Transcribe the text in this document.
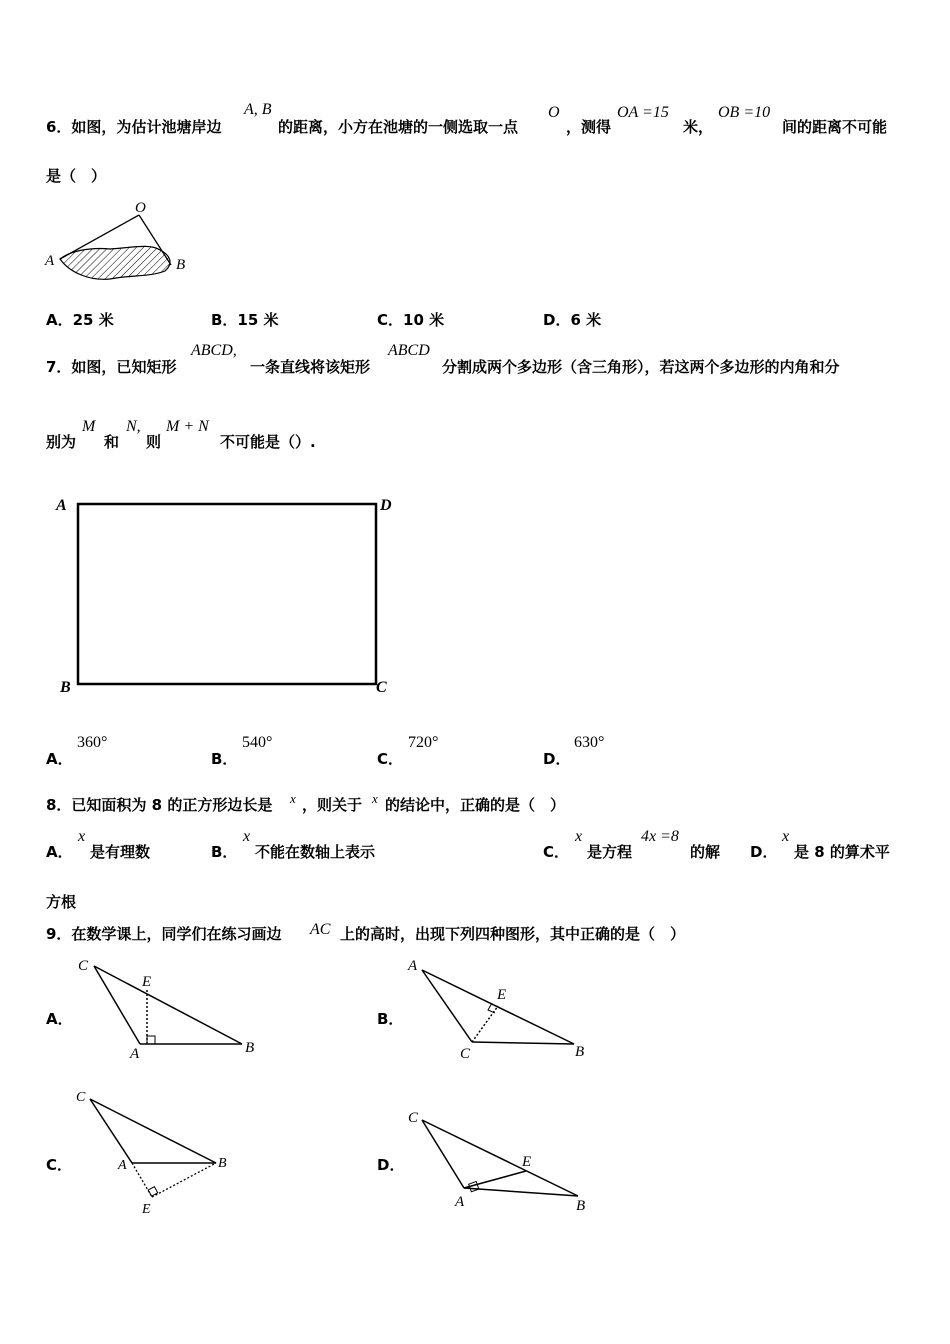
6．如图，为估计池塘岸边
A, B
的距离，小方在池塘的一侧选取一点
O
，测得
OA =15
米，
OB =10
间的距离不可能
是（　）
O
A	B
A．25 米	B．15 米	C．10 米	D．6 米
7．如图，已知矩形
ABCD,
一条直线将该矩形
ABCD
分割成两个多边形（含三角形），若这两个多边形的内角和分
别为
M
和
N,
则
M + N
不可能是（）.
A	D
B	C
A．
360°
B．
540°
C．
720°
D．
630°
8．已知面积为 8 的正方形边长是 x ，则关于 x 的结论中，正确的是（　）
A．
x
是有理数	B．
x
不能在数轴上表示	C．
x
是方程
4x =8
的解 D．
x
是 8 的算术平
方根
9．在数学课上，同学们在练习画边 AC 上的高时，出现下列四种图形，其中正确的是（　）
A．
C
E
A	B
B．
A
E
C	B
C．
C
A	B
E
D．
C
E
A	B
